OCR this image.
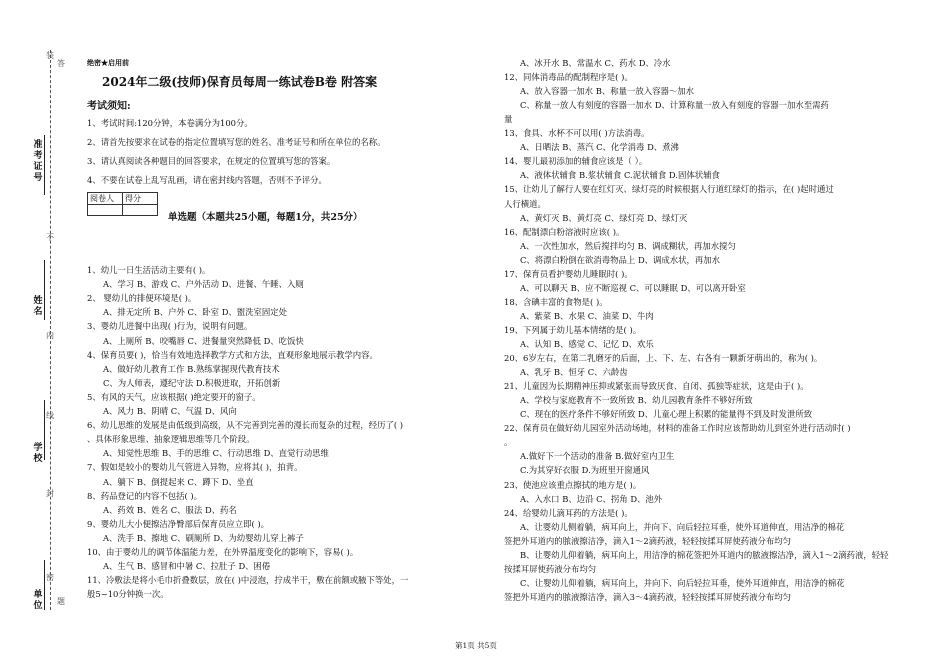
装
准考证号
姓名
学校
单位
不
内
线
封
密
题
答	绝密★启用前
2024年二级(技师)保育员每周一练试卷B卷 附答案
考试须知:
1、考试时间:120分钟，本卷满分为100分。
2、请首先按要求在试卷的指定位置填写您的姓名、准考证号和所在单位的名称。
3、请认真阅读各种题目的回答要求，在规定的位置填写您的答案。
4、不要在试卷上乱写乱画，请在密封线内答题，否则不予评分。
阅卷人	得分

单选题（本题共25小题，每题1分，共25分）
1、幼儿一日生活活动主要有( )。
A、学习 B、游戏 C、户外活动 D、进餐、午睡、入厕
2、 婴幼儿的排便环境是( )。
A、排无定所 B、户外 C、卧室 D、盥洗室固定处
3、婴幼儿进餐中出现( )行为，说明有问题。
A、上厕所 B、咬嘴唇 C、进餐量突然降低 D、吃饭快
4、保育员要( )，恰当有效地选择教学方式和方法，直观形象地展示教学内容。
A、做好幼儿教育工作 B.熟练掌握现代教育技术
C、为人师表，遵纪守法 D.积极进取，开拓创新
5、有风的天气，应该根据( )绝定要开的窗子。
A、风力 B、阴晴 C、气温 D、风向
6、幼儿思维的发展是由低级到高级，从不完善到完善的漫长而复杂的过程，经历了( )
、具体形象思维、抽象逻辑思维等几个阶段。
A、知觉性思维 B、手的思维 C、行动思维 D、直觉行动思维
7、假如是较小的婴幼儿气管进入异物，应将其( )，拍背。
A、躺下 B、倒提起来 C、蹲下 D、坐直
8、药品登记的内容不包括( )。
A、药效 B、姓名 C、服法 D、药名
9、婴幼儿大小便擦洁净臀部后保育员应立即( )。
A、洗手 B、擦地 C、刷厕所 D、为幼婴幼儿穿上裤子
10、由于婴幼儿的调节体温能力差，在外界温度变化的影响下，容易( )。
A、生气 B、感冒和中暑 C、拉肚子 D、困倦
11、冷敷法是将小毛巾折叠数层，放在( )中浸泡，拧成半干，敷在前额或腋下等处，一
般5~10分钟换一次。
A、冰开水 B、常温水 C、药水 D、冷水
12、同体消毒品的配制程序是( )。
A、放入容器一加水 B、称量一放入容器～加水
C、称量一放人有刻度的容器一加水 D、计算称量一放入有刻度的容器一加水至需药
量
13、食具、水杯不可以用( )方法消毒。
A、日晒法 B、蒸汽 C、化学消毒 D、煮沸
14、婴儿最初添加的辅食应该是（ ）。
A、液体状辅食 B.浆状辅食 C.泥状辅食 D.固体状辅食
15、让幼儿了解行人要在红灯灭、绿灯亮的时候根据人行道红绿灯的指示，在( )起时通过
人行横道。
A、黄灯灭 B、黄灯亮 C、绿灯亮 D、绿灯灭
16、配制漂白粉溶液时应该( )。
A、一次性加水，然后搅拌均匀 B、调成糊状，再加水搅匀
C、将漂白粉倒在欲消毒物品上 D、调成水状，再加水
17、保育员看护婴幼儿睡眠时( )。
A、可以聊天 B、应不断巡视 C、可以睡眠 D、可以离开卧室
18、含碘丰富的食物是( )。
A、紫菜 B、水果 C、油菜 D、牛肉
19、下列属于幼儿基本情绪的是( )。
A、认知 B、感觉 C、记忆 D、欢乐
20、6岁左右，在第二乳磨牙的后面，上、下、左、右各有一颗新牙萌出的，称为( )。
A、乳牙 B、恒牙 C、六龄齿
21、儿童因为长期精神压抑或紧张而导致厌食、自闭、孤独等症状，这是由于( )。
A、学校与家庭教育不一致所致 B、幼儿园教育条件不够好所致
C、现在的医疗条件不够好所致 D、儿童心理上积累的能量得不到及时发泄所致
22、保育员在做好幼儿园室外活动场地，材料的准备工作时应该帮助幼儿到室外进行活动时( )
。
A.做好下一个活动的准备 B.做好室内卫生
C.为其穿好衣服 D.为班里开窗通风
23、使池应该重点擦拭的地方是( )。
A、入水口 B、边沿 C、拐角 D、池外
24、给婴幼儿滴耳药的方法是( )。
A、让婴幼儿侧着躺，病耳向上，并向下、向后轻拉耳垂，使外耳道伸直，用洁净的棉花
签把外耳道内的脓液擦洁净，滴入1～2滴药液，轻轻按揉耳屏使药液分布均匀
B、让婴幼儿仰着躺，病耳向上，用洁净的棉花签把外耳道内的脓液擦洁净，滴入1～2滴药液，轻轻
按揉耳屏使药液分布均匀
C、让婴幼儿仰着躺，病耳向上，并向下、向后轻拉耳垂，使外耳道伸直，用洁净的棉花
签把外耳道内的脓液擦洁净，滴入3～4滴药液，轻轻按揉耳屏使药液分布均匀
第1页 共5页
